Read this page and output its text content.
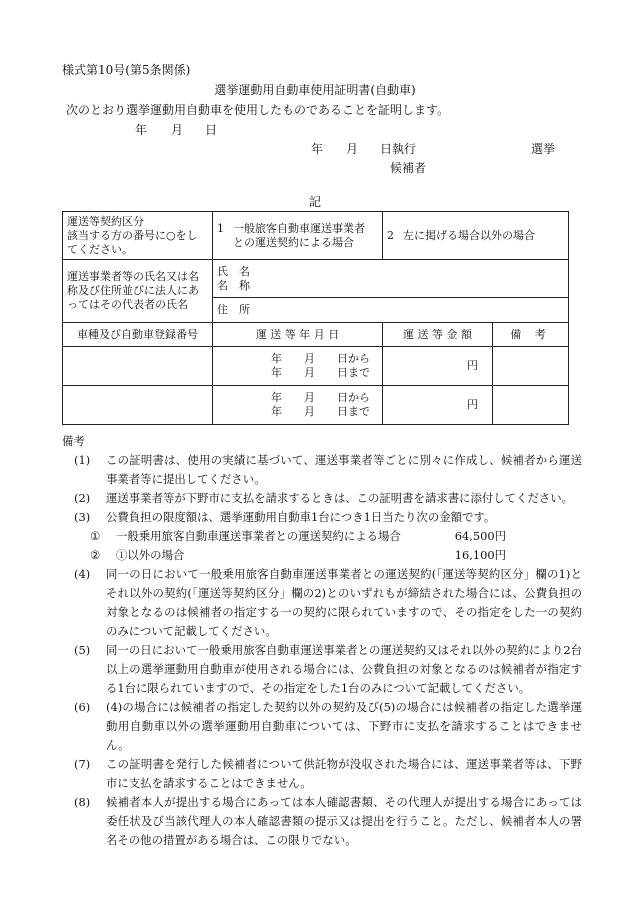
様式第10号(第5条関係)
選挙運動用自動車使用証明書(自動車)
次のとおり選挙運動用自動車を使用したものであることを証明します。
年 月 日
年 月 日執行	選挙
候補者
記
運送等契約区分
該当する方の番号に○をしてください。	1 一般旅客自動車運送事業者
との運送契約による場合	2 左に掲げる場合以外の場合	
運送事業者等の氏名又は名称及び住所並びに法人にあってはその代表者の氏名	氏　名
名　称		
	住　所		
車種及び自動車登録番号	運 送 等 年 月 日	運 送 等 金 額	備 考

	年　　月　　日から
年　　月　　日まで	円	

	年　　月　　日から
年　　月　　日まで	円	

備考

(1)	この証明書は、使用の実績に基づいて、運送事業者等ごとに別々に作成し、候補者から運送事業者等に提出してください。
(2)	運送事業者等が下野市に支払を請求するときは、この証明書を請求書に添付してください。
(3)	公費負担の限度額は、選挙運動用自動車1台につき1日当たり次の金額です。
①	一般乗用旅客自動車運送事業者との運送契約による場合	64,500円
②	①以外の場合	16,100円
(4)	同一の日において一般乗用旅客自動車運送事業者との運送契約(「運送等契約区分」欄の1)とそれ以外の契約(「運送等契約区分」欄の2)とのいずれもが締結された場合には、公費負担の対象となるのは候補者の指定する一の契約に限られていますので、その指定をした一の契約のみについて記載してください。
(5)	同一の日において一般乗用旅客自動車運送事業者との運送契約又はそれ以外の契約により2台以上の選挙運動用自動車が使用される場合には、公費負担の対象となるのは候補者が指定する1台に限られていますので、その指定をした1台のみについて記載してください。
(6)	(4)の場合には候補者の指定した契約以外の契約及び(5)の場合には候補者の指定した選挙運動用自動車以外の選挙運動用自動車については、下野市に支払を請求することはできません。
(7)	この証明書を発行した候補者について供託物が没収された場合には、運送事業者等は、下野市に支払を請求することはできません。
(8)	候補者本人が提出する場合にあっては本人確認書類、その代理人が提出する場合にあっては委任状及び当該代理人の本人確認書類の提示又は提出を行うこと。ただし、候補者本人の署名その他の措置がある場合は、この限りでない。
